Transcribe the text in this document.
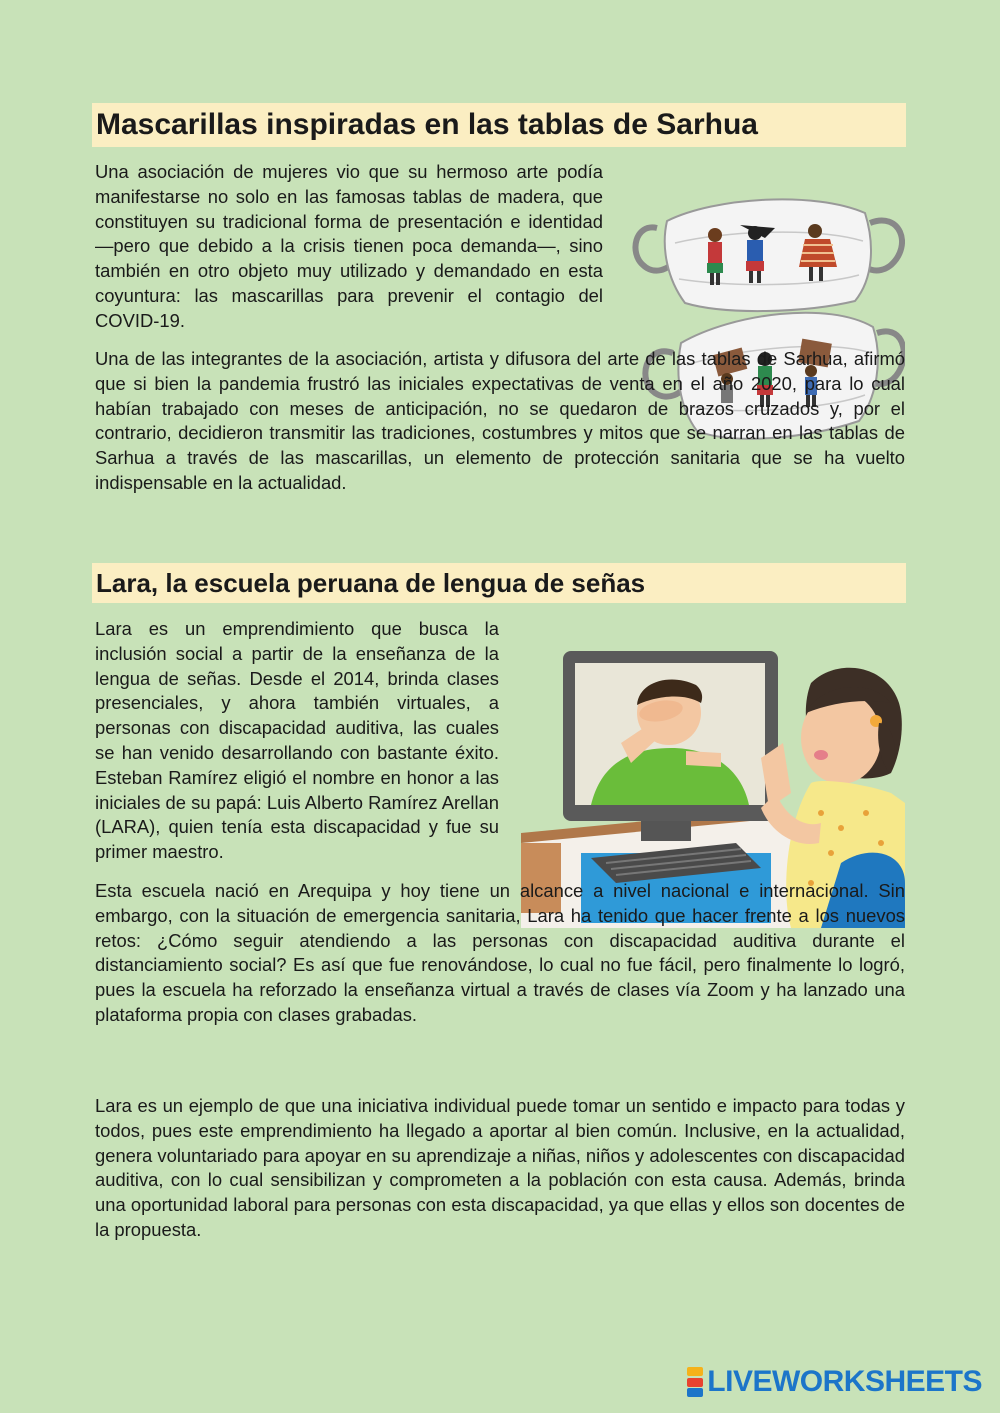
Mascarillas inspiradas en las tablas de Sarhua

Una asociación de mujeres vio que su hermoso arte podía manifestarse no solo en las famosas tablas de madera, que constituyen su tradicional forma de presentación e identidad —pero que debido a la crisis tienen poca demanda—, sino también en otro objeto muy utilizado y demandado en esta coyuntura: las mascarillas para prevenir el contagio del COVID-19.

Una de las integrantes de la asociación, artista y difusora del arte de las tablas de Sarhua, afirmó que si bien la pandemia frustró las iniciales expectativas de venta en el año 2020, para lo cual habían trabajado con meses de anticipación, no se quedaron de brazos cruzados y, por el contrario, decidieron transmitir las tradiciones, costumbres y mitos que se narran en las tablas de Sarhua a través de las mascarillas, un elemento de protección sanitaria que se ha vuelto indispensable en la actualidad.

Lara, la escuela peruana de lengua de señas

Lara es un emprendimiento que busca la inclusión social a partir de la enseñanza de la lengua de señas. Desde el 2014, brinda clases presenciales, y ahora también virtuales, a personas con discapacidad auditiva, las cuales se han venido desarrollando con bastante éxito. Esteban Ramírez eligió el nombre en honor a las iniciales de su papá: Luis Alberto Ramírez Arellan (LARA), quien tenía esta discapacidad y fue su primer maestro.

Esta escuela nació en Arequipa y hoy tiene un alcance a nivel nacional e internacional. Sin embargo, con la situación de emergencia sanitaria, Lara ha tenido que hacer frente a los nuevos retos: ¿Cómo seguir atendiendo a las personas con discapacidad auditiva durante el distanciamiento social? Es así que fue renovándose, lo cual no fue fácil, pero finalmente lo logró, pues la escuela ha reforzado la enseñanza virtual a través de clases vía Zoom y ha lanzado una plataforma propia con clases grabadas.

Lara es un ejemplo de que una iniciativa individual puede tomar un sentido e impacto para todas y todos, pues este emprendimiento ha llegado a aportar al bien común. Inclusive, en la actualidad, genera voluntariado para apoyar en su aprendizaje a niñas, niños y adolescentes con discapacidad auditiva, con lo cual sensibilizan y comprometen a la población con esta causa. Además, brinda una oportunidad laboral para personas con esta discapacidad, ya que ellas y ellos son docentes de la propuesta.

LIVEWORKSHEETS
